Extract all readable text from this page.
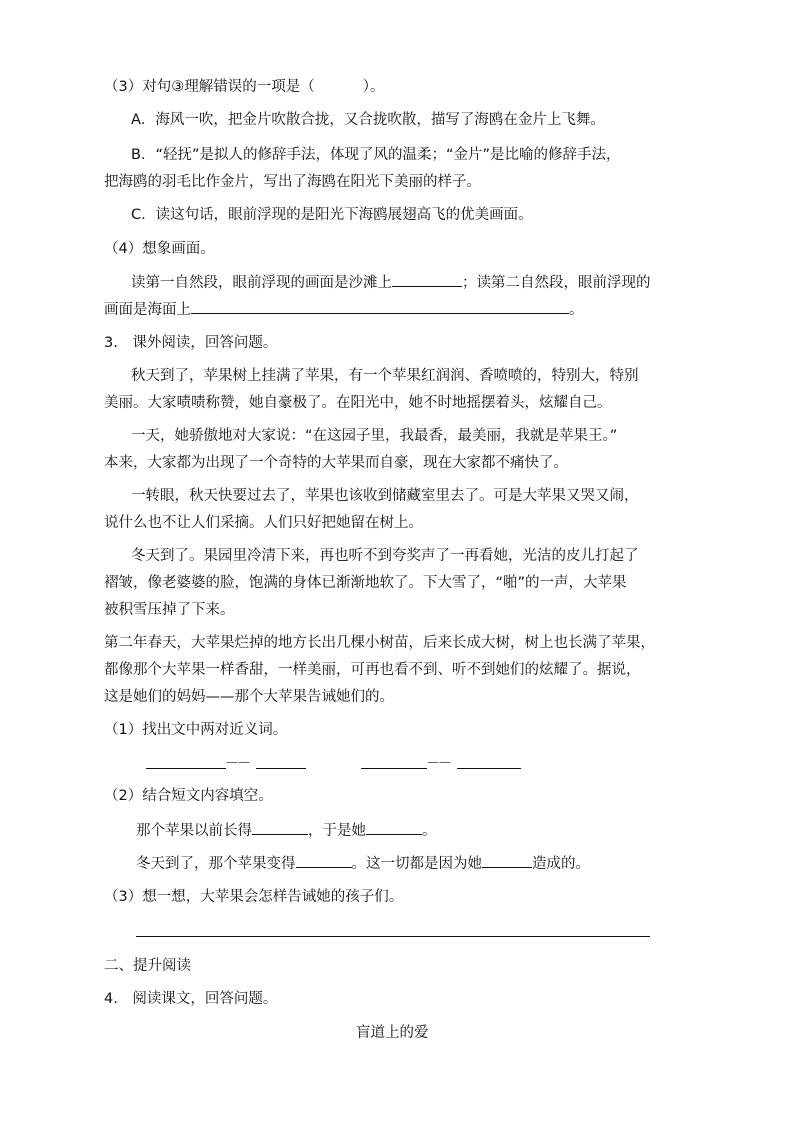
（3）对句③理解错误的一项是（	）。
A．海风一吹，把金片吹散合拢，又合拢吹散，描写了海鸥在金片上飞舞。
B．“轻抚”是拟人的修辞手法，体现了风的温柔；“金片”是比喻的修辞手法，
把海鸥的羽毛比作金片，写出了海鸥在阳光下美丽的样子。
C．读这句话，眼前浮现的是阳光下海鸥展翅高飞的优美画面。
（4）想象画面。
读第一自然段，眼前浮现的画面是沙滩上	；读第二自然段，眼前浮现的
画面是海面上	。
3.　课外阅读，回答问题。
秋天到了，苹果树上挂满了苹果，有一个苹果红润润、香喷喷的，特别大，特别
美丽。大家啧啧称赞，她自豪极了。在阳光中，她不时地摇摆着头，炫耀自己。
一天，她骄傲地对大家说：“在这园子里，我最香，最美丽，我就是苹果王。”
本来，大家都为出现了一个奇特的大苹果而自豪，现在大家都不痛快了。
一转眼，秋天快要过去了，苹果也该收到储藏室里去了。可是大苹果又哭又闹，
说什么也不让人们采摘。人们只好把她留在树上。
冬天到了。果园里冷清下来，再也听不到夸奖声了一再看她，光洁的皮儿打起了
褶皱，像老婆婆的脸，饱满的身体已渐渐地软了。下大雪了，“啪”的一声，大苹果
被积雪压掉了下来。
第二年春天，大苹果烂掉的地方长出几棵小树苗，后来长成大树，树上也长满了苹果，
都像那个大苹果一样香甜，一样美丽，可再也看不到、听不到她们的炫耀了。据说，
这是她们的妈妈——那个大苹果告诫她们的。
（1）找出文中两对近义词。
——	——
（2）结合短文内容填空。
那个苹果以前长得	，于是她	。
冬天到了，那个苹果变得	。这一切都是因为她	造成的。
（3）想一想，大苹果会怎样告诫她的孩子们。
二、提升阅读
4.　阅读课文，回答问题。
盲道上的爱
